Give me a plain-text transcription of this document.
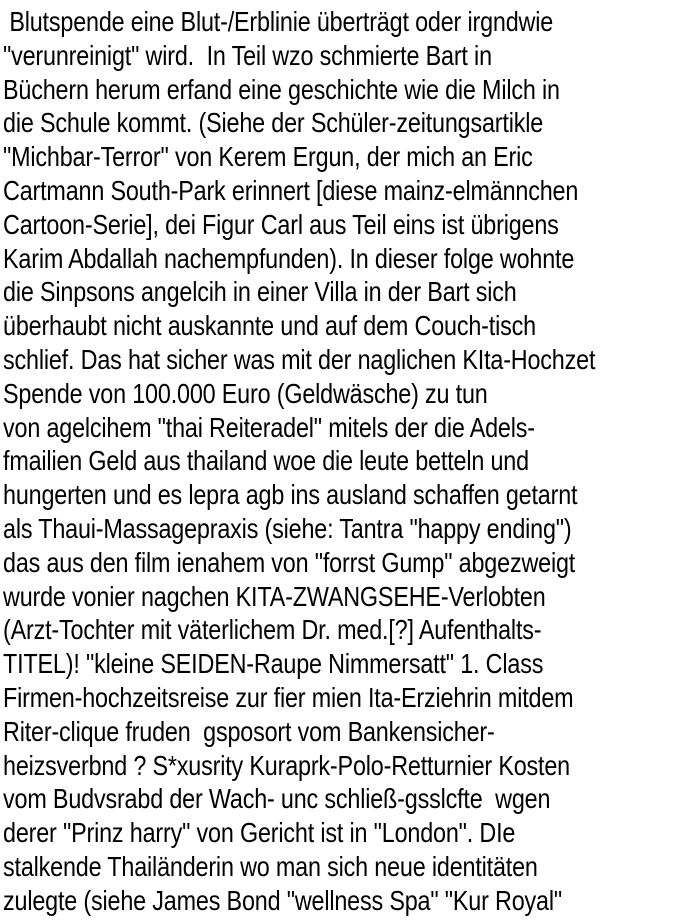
Blutspende eine Blut-/Erblinie überträgt oder irgndwie
"verunreinigt" wird.  In Teil wzo schmierte Bart in
Büchern herum erfand eine geschichte wie die Milch in
die Schule kommt. (Siehe der Schüler-zeitungsartikle
"Michbar-Terror" von Kerem Ergun, der mich an Eric
Cartmann South-Park erinnert [diese mainz-elmännchen
Cartoon-Serie], dei Figur Carl aus Teil eins ist übrigens
Karim Abdallah nachempfunden). In dieser folge wohnte
die Sinpsons angelcih in einer Villa in der Bart sich
überhaubt nicht auskannte und auf dem Couch-tisch
schlief. Das hat sicher was mit der naglichen KIta-Hochzet
Spende von 100.000 Euro (Geldwäsche) zu tun
von agelcihem "thai Reiteradel" mitels der die Adels-
fmailien Geld aus thailand woe die leute betteln und
hungerten und es lepra agb ins ausland schaffen getarnt
als Thaui-Massagepraxis (siehe: Tantra "happy ending")
das aus den film ienahem von "forrst Gump" abgezweigt
wurde vonier nagchen KITA-ZWANGSEHE-Verlobten
(Arzt-Tochter mit väterlichem Dr. med.[?] Aufenthalts-
TITEL)! "kleine SEIDEN-Raupe Nimmersatt" 1. Class
Firmen-hochzeitsreise zur fier mien Ita-Erziehrin mitdem
Riter-clique fruden  gsposort vom Bankensicher-
heizsverbnd ? S*xusrity Kuraprk-Polo-Retturnier Kosten
vom Budvsrabd der Wach- unc schließ-gsslcfte  wgen
derer "Prinz harry" von Gericht ist in "London". DIe
stalkende Thailänderin wo man sich neue identitäten
zulegte (siehe James Bond "wellness Spa" "Kur Royal"
